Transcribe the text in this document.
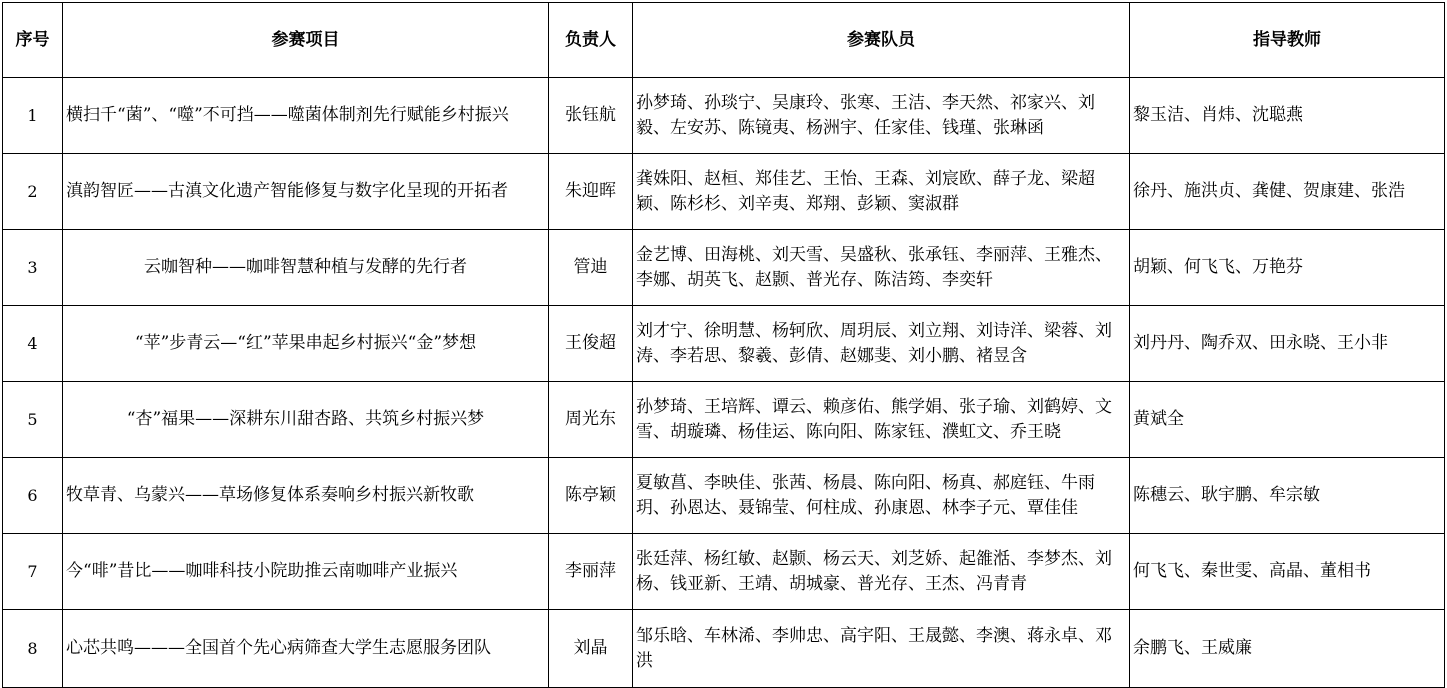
序号	参赛项目	负责人	参赛队员	指导教师
1	横扫千“菌”、“噬”不可挡——噬菌体制剂先行赋能乡村振兴	张钰航	孙梦琦、孙琰宁、吴康玲、张寒、王洁、李天然、祁家兴、刘毅、左安苏、陈镜夷、杨洲宇、任家佳、钱瑾、张琳函	黎玉洁、肖炜、沈聪燕
2	滇韵智匠——古滇文化遗产智能修复与数字化呈现的开拓者	朱迎晖	龚姝阳、赵桓、郑佳艺、王怡、王森、刘宸欧、薛子龙、梁超颖、陈杉杉、刘辛夷、郑翔、彭颖、窦淑群	徐丹、施洪贞、龚健、贺康建、张浩
3	云咖智种——咖啡智慧种植与发酵的先行者	管迪	金艺博、田海桃、刘天雪、吴盛秋、张承钰、李丽萍、王雅杰、李娜、胡英飞、赵颢、普光存、陈洁筠、李奕轩	胡颖、何飞飞、万艳芬
4	“苹”步青云—“红”苹果串起乡村振兴“金”梦想	王俊超	刘才宁、徐明慧、杨轲欣、周玥辰、刘立翔、刘诗洋、梁蓉、刘涛、李若思、黎羲、彭倩、赵娜斐、刘小鹏、褚昱含	刘丹丹、陶乔双、田永晓、王小非
5	“杏”福果——深耕东川甜杏路、共筑乡村振兴梦	周光东	孙梦琦、王培辉、谭云、赖彦佑、熊学娟、张子瑜、刘鹤婷、文雪、胡璇璘、杨佳运、陈向阳、陈家钰、濮虹文、乔王晓	黄斌全
6	牧草青、乌蒙兴——草场修复体系奏响乡村振兴新牧歌	陈亭颖	夏敏菖、李映佳、张茜、杨晨、陈向阳、杨真、郝庭钰、牛雨玥、孙恩达、聂锦莹、何柱成、孙康恩、林李子元、覃佳佳	陈穗云、耿宇鹏、牟宗敏
7	今“啡”昔比——咖啡科技小院助推云南咖啡产业振兴	李丽萍	张廷萍、杨红敏、赵颢、杨云天、刘芝娇、起雒湉、李梦杰、刘杨、钱亚新、王靖、胡城豪、普光存、王杰、冯青青	何飞飞、秦世雯、高晶、董相书
8	心芯共鸣———全国首个先心病筛查大学生志愿服务团队	刘晶	邹乐晗、车林浠、李帅忠、高宇阳、王晟懿、李澳、蒋永卓、邓洪	余鹏飞、王威廉
